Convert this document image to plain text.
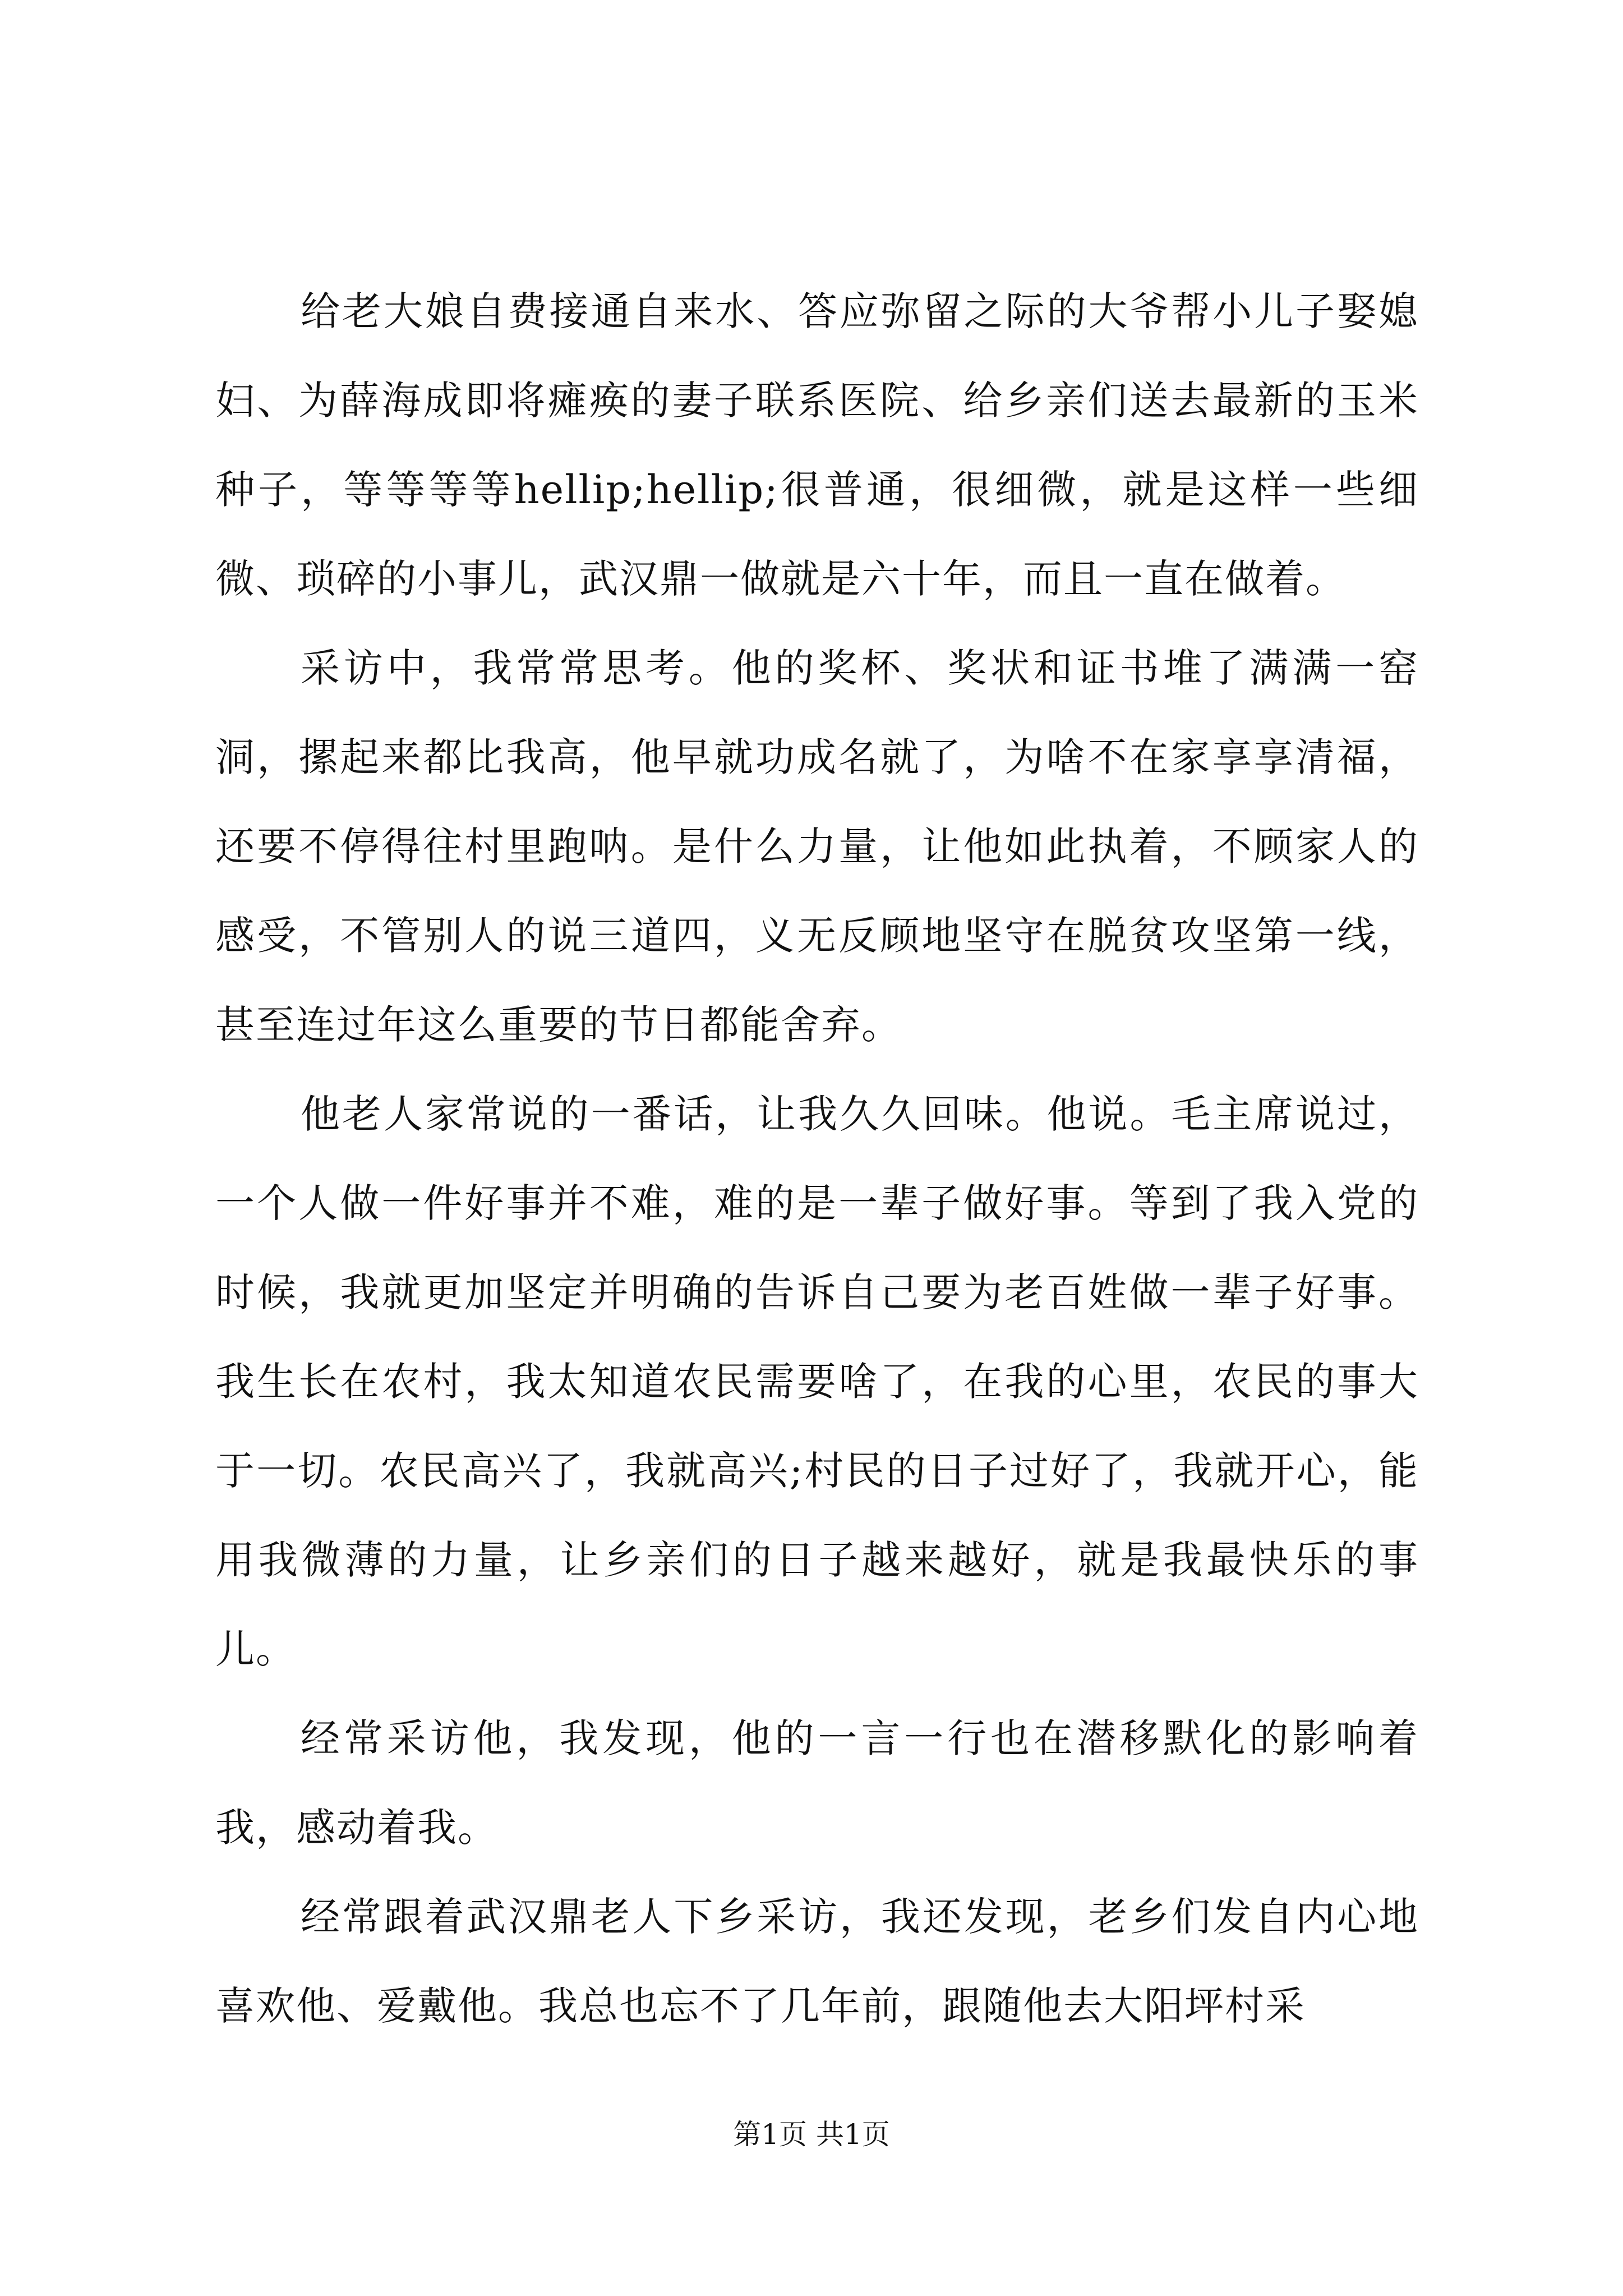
给老大娘自费接通自来水、答应弥留之际的大爷帮小儿子娶媳妇、为薛海成即将瘫痪的妻子联系医院、给乡亲们送去最新的玉米种子，等等等等hellip;hellip;很普通，很细微，就是这样一些细微、琐碎的小事儿，武汉鼎一做就是六十年，而且一直在做着。

采访中，我常常思考。他的奖杯、奖状和证书堆了满满一窑洞，摞起来都比我高，他早就功成名就了，为啥不在家享享清福，还要不停得往村里跑呐。是什么力量，让他如此执着，不顾家人的感受，不管别人的说三道四，义无反顾地坚守在脱贫攻坚第一线，甚至连过年这么重要的节日都能舍弃。

他老人家常说的一番话，让我久久回味。他说。毛主席说过，一个人做一件好事并不难，难的是一辈子做好事。等到了我入党的时候，我就更加坚定并明确的告诉自己要为老百姓做一辈子好事。我生长在农村，我太知道农民需要啥了，在我的心里，农民的事大于一切。农民高兴了，我就高兴;村民的日子过好了，我就开心，能用我微薄的力量，让乡亲们的日子越来越好，就是我最快乐的事儿。

经常采访他，我发现，他的一言一行也在潜移默化的影响着我，感动着我。

经常跟着武汉鼎老人下乡采访，我还发现，老乡们发自内心地喜欢他、爱戴他。我总也忘不了几年前，跟随他去大阳坪村采

第1页 共1页
